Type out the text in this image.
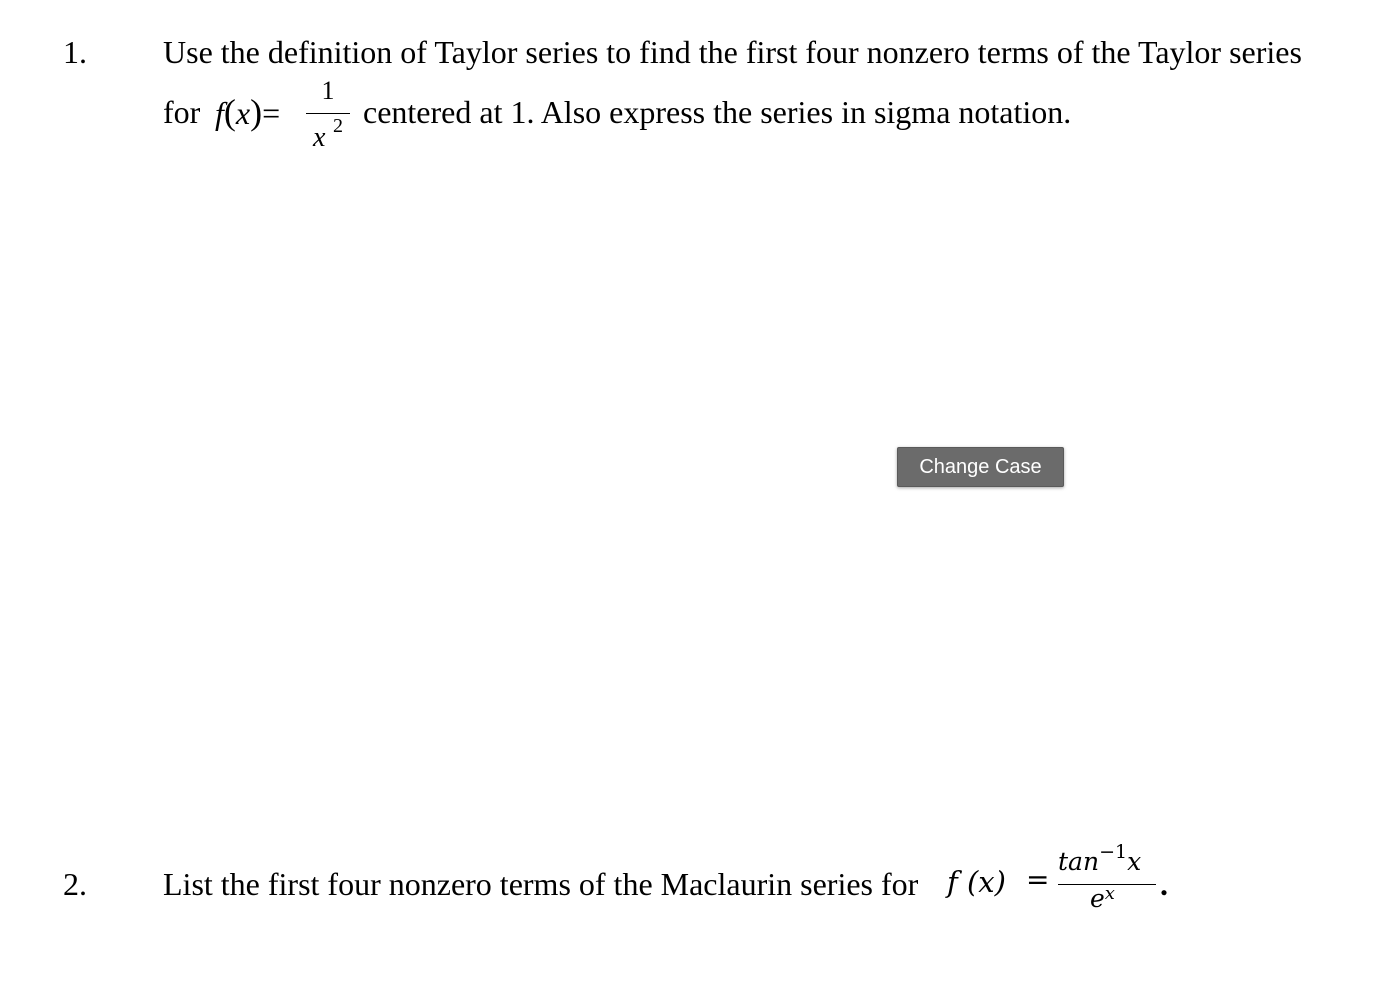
1. Use the definition of Taylor series to find the first four nonzero terms of the Taylor series
for f(x)=
1
x 2 centered at 1. Also express the series in sigma notation.
Change Case
2. List the first four nonzero terms of the Maclaurin series for f (x) =
$\tan^{-1}x$
$e^x$ .
